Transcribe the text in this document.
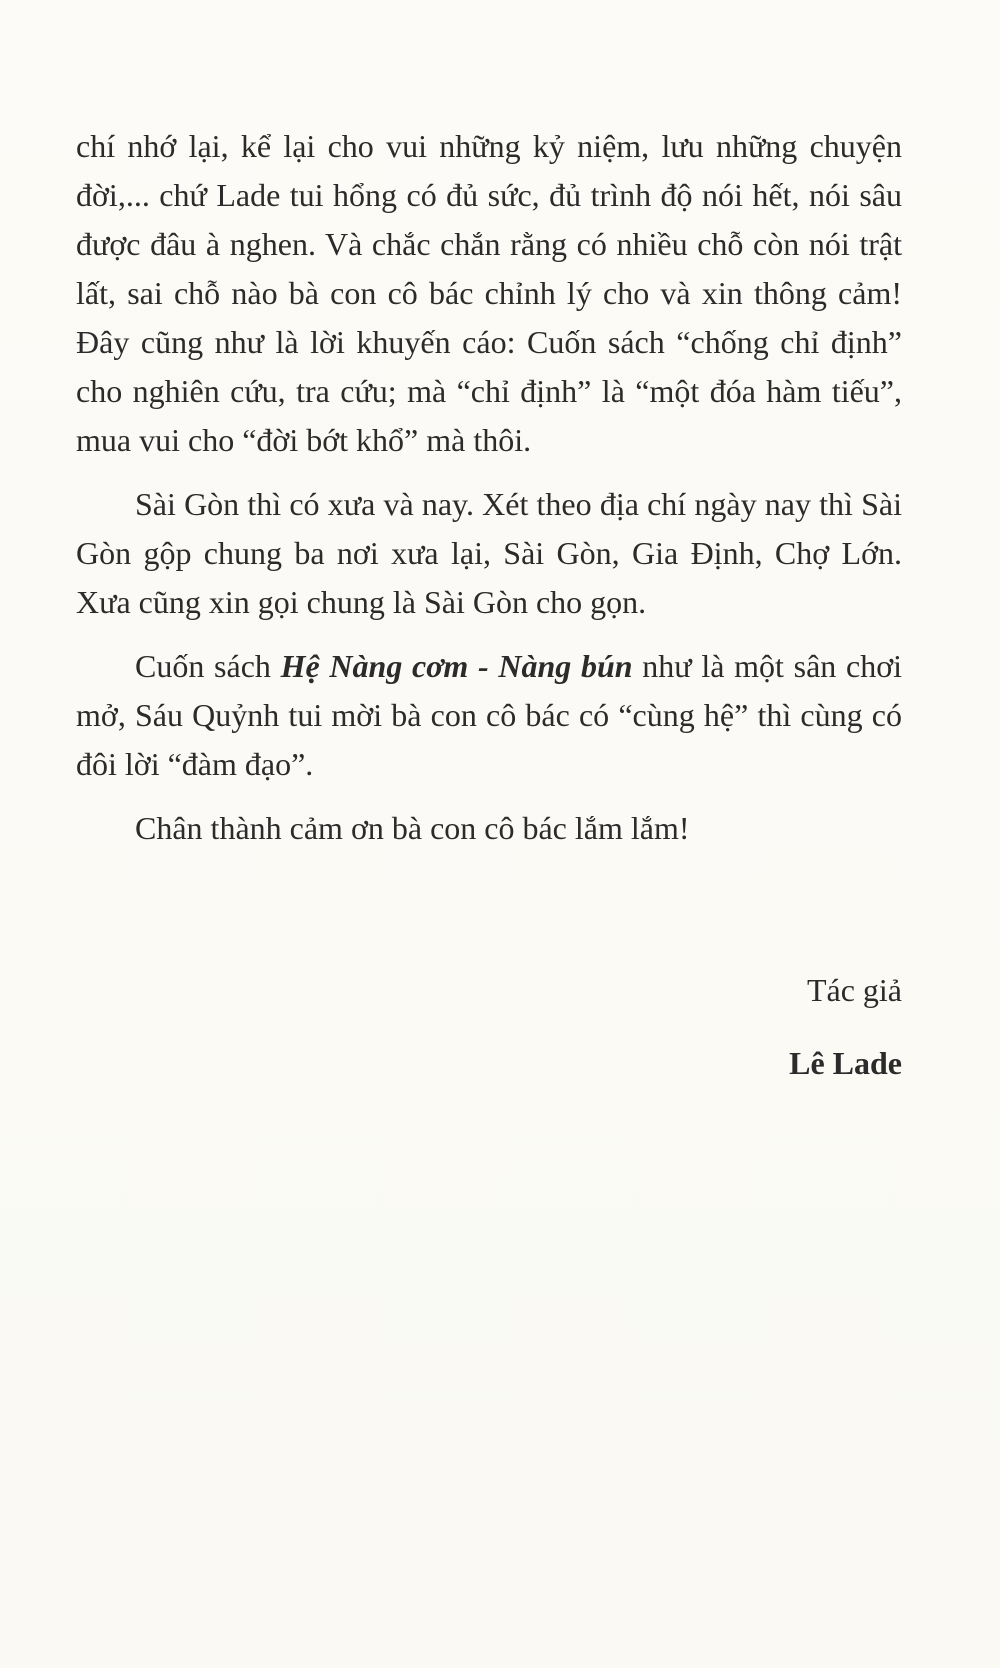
chí nhớ lại, kể lại cho vui những kỷ niệm, lưu những chuyện đời,... chứ Lade tui hổng có đủ sức, đủ trình độ nói hết, nói sâu được đâu à nghen. Và chắc chắn rằng có nhiều chỗ còn nói trật lất, sai chỗ nào bà con cô bác chỉnh lý cho và xin thông cảm! Đây cũng như là lời khuyến cáo: Cuốn sách “chống chỉ định” cho nghiên cứu, tra cứu; mà “chỉ định” là “một đóa hàm tiếu”, mua vui cho “đời bớt khổ” mà thôi.

Sài Gòn thì có xưa và nay. Xét theo địa chí ngày nay thì Sài Gòn gộp chung ba nơi xưa lại, Sài Gòn, Gia Định, Chợ Lớn. Xưa cũng xin gọi chung là Sài Gòn cho gọn.

Cuốn sách Hệ Nàng cơm - Nàng bún như là một sân chơi mở, Sáu Quỷnh tui mời bà con cô bác có “cùng hệ” thì cùng có đôi lời “đàm đạo”.

Chân thành cảm ơn bà con cô bác lắm lắm!

Tác giả
Lê Lade
